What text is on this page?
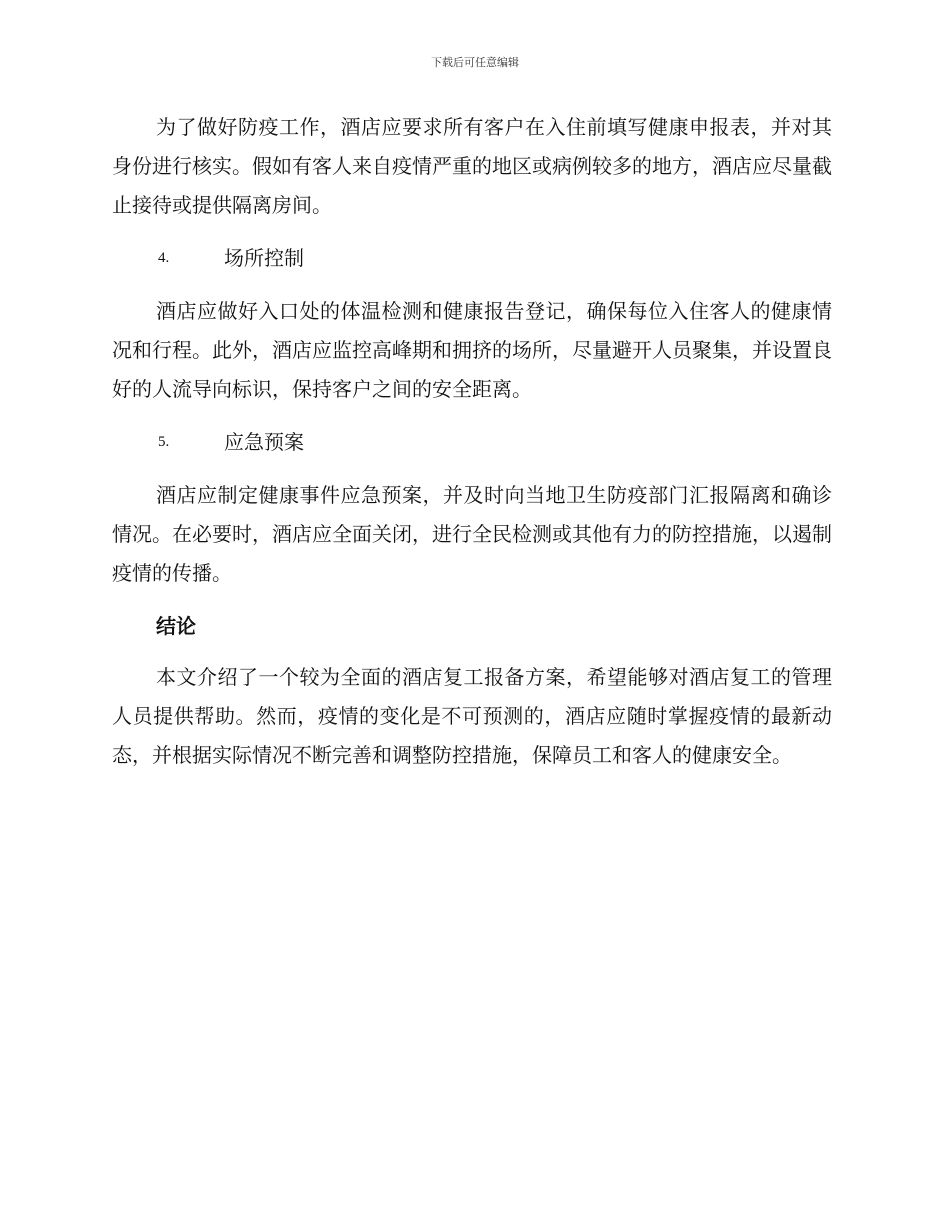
下载后可任意编辑

为了做好防疫工作，酒店应要求所有客户在入住前填写健康申报表，并对其身份进行核实。假如有客人来自疫情严重的地区或病例较多的地方，酒店应尽量截止接待或提供隔离房间。

4.	场所控制

酒店应做好入口处的体温检测和健康报告登记，确保每位入住客人的健康情况和行程。此外，酒店应监控高峰期和拥挤的场所，尽量避开人员聚集，并设置良好的人流导向标识，保持客户之间的安全距离。

5.	应急预案

酒店应制定健康事件应急预案，并及时向当地卫生防疫部门汇报隔离和确诊情况。在必要时，酒店应全面关闭，进行全民检测或其他有力的防控措施，以遏制疫情的传播。

结论

本文介绍了一个较为全面的酒店复工报备方案，希望能够对酒店复工的管理人员提供帮助。然而，疫情的变化是不可预测的，酒店应随时掌握疫情的最新动态，并根据实际情况不断完善和调整防控措施，保障员工和客人的健康安全。
